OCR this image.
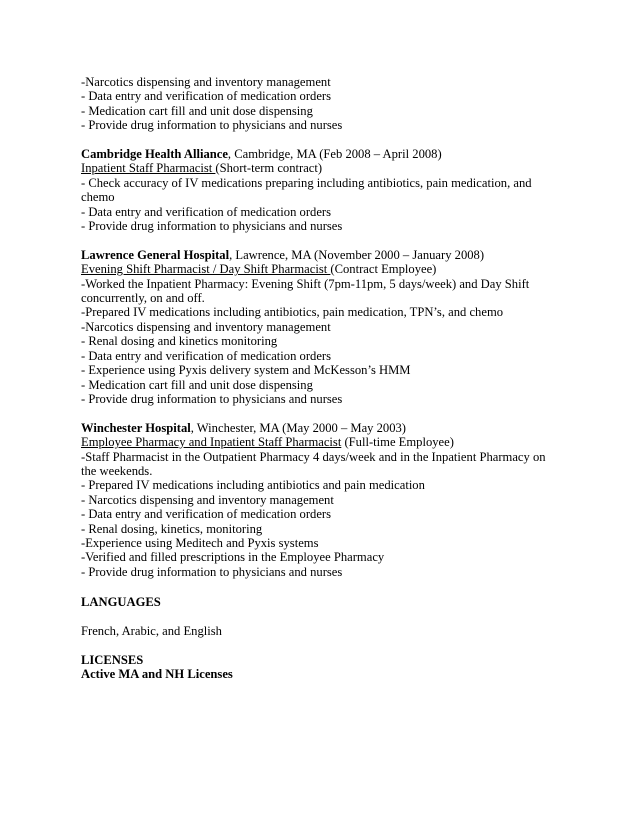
-Narcotics dispensing and inventory management
- Data entry and verification of medication orders
- Medication cart fill and unit dose dispensing
- Provide drug information to physicians and nurses
Cambridge Health Alliance, Cambridge, MA (Feb 2008 – April 2008)
Inpatient Staff Pharmacist (Short-term contract)
- Check accuracy of IV medications preparing including antibiotics, pain medication, and chemo
- Data entry and verification of medication orders
- Provide drug information to physicians and nurses
Lawrence General Hospital, Lawrence, MA (November 2000 – January 2008)
Evening Shift Pharmacist / Day Shift Pharmacist (Contract Employee)
-Worked the Inpatient Pharmacy: Evening Shift (7pm-11pm, 5 days/week) and Day Shift concurrently, on and off.
-Prepared IV medications including antibiotics, pain medication, TPN’s, and chemo
-Narcotics dispensing and inventory management
- Renal dosing and kinetics monitoring
- Data entry and verification of medication orders
- Experience using Pyxis delivery system and McKesson’s HMM
- Medication cart fill and unit dose dispensing
- Provide drug information to physicians and nurses
Winchester Hospital, Winchester, MA (May 2000 – May 2003)
Employee Pharmacy and Inpatient Staff Pharmacist (Full-time Employee)
-Staff Pharmacist in the Outpatient Pharmacy 4 days/week and in the Inpatient Pharmacy on the weekends.
- Prepared IV medications including antibiotics and pain medication
- Narcotics dispensing and inventory management
- Data entry and verification of medication orders
- Renal dosing, kinetics, monitoring
-Experience using Meditech and Pyxis systems
-Verified and filled prescriptions in the Employee Pharmacy
- Provide drug information to physicians and nurses
LANGUAGES
French, Arabic, and English
LICENSES
Active MA and NH Licenses
